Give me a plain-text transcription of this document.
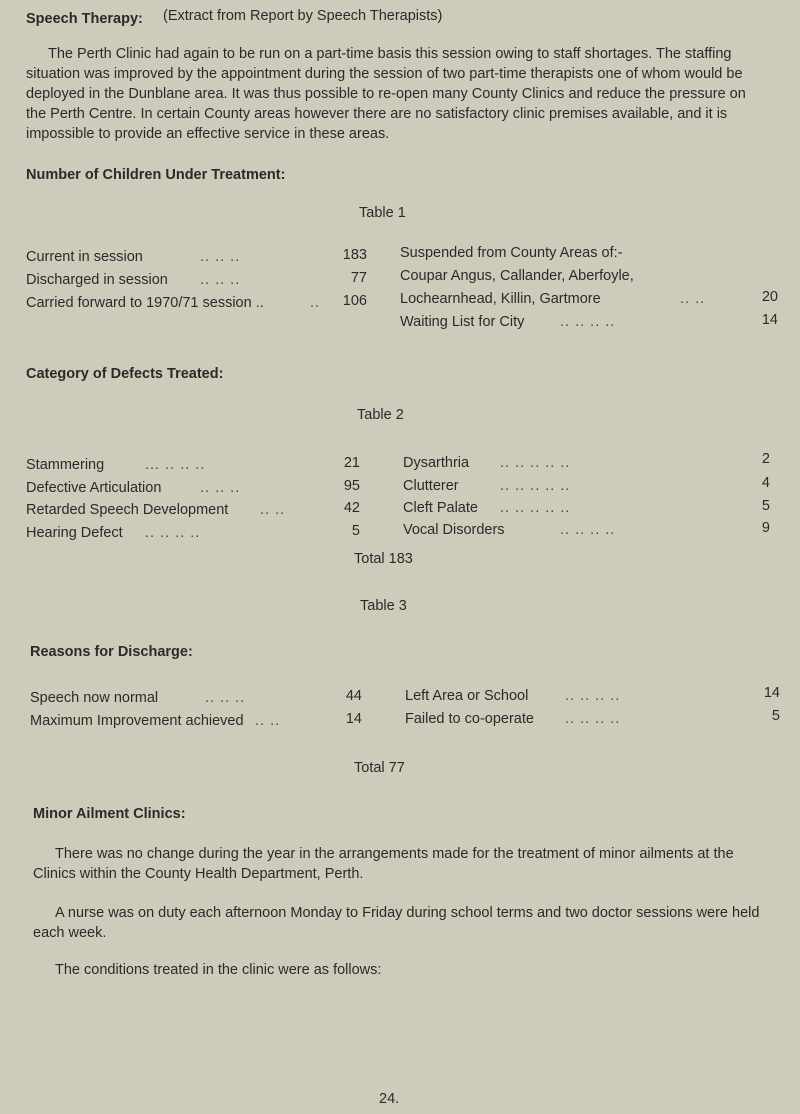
Speech Therapy: (Extract from Report by Speech Therapists)
The Perth Clinic had again to be run on a part-time basis this session owing to staff shortages. The staffing situation was improved by the appointment during the session of two part-time therapists one of whom would be deployed in the Dunblane area. It was thus possible to re-open many County Clinics and reduce the pressure on the Perth Centre. In certain County areas however there are no satisfactory clinic premises available, and it is impossible to provide an effective service in these areas.
Number of Children Under Treatment:
Table 1
Current in session	.. .. ..	183
Discharged in session .. .. ..	77
Carried forward to 1970/71 session ..	..	106
Suspended from County Areas of:-
Coupar Angus, Callander, Aberfoyle,
Lochearnhead, Killin, Gartmore	.. ..	20
Waiting List for City .. .. .. ..	14
Category of Defects Treated:
Table 2
Stammering	... .. .. ..	21
Defective Articulation	.. .. ..	95
Retarded Speech Development .. ..	42
Hearing Defect .. .. .. ..	5
Dysarthria .. .. .. .. ..	2
Clutterer	.. .. .. .. ..	4
Cleft Palate .. .. .. .. ..	5
Vocal Disorders	.. .. .. ..	9
Total 183
Table 3
Reasons for Discharge:
Speech now normal	.. .. ..	44
Maximum Improvement achieved .. ..	14
Left Area or School	.. .. .. ..	14
Failed to co-operate .. .. .. ..	5
Total 77
Minor Ailment Clinics:
There was no change during the year in the arrangements made for the treatment of minor ailments at the Clinics within the County Health Department, Perth.
A nurse was on duty each afternoon Monday to Friday during school terms and two doctor sessions were held each week.
The conditions treated in the clinic were as follows:
24.
